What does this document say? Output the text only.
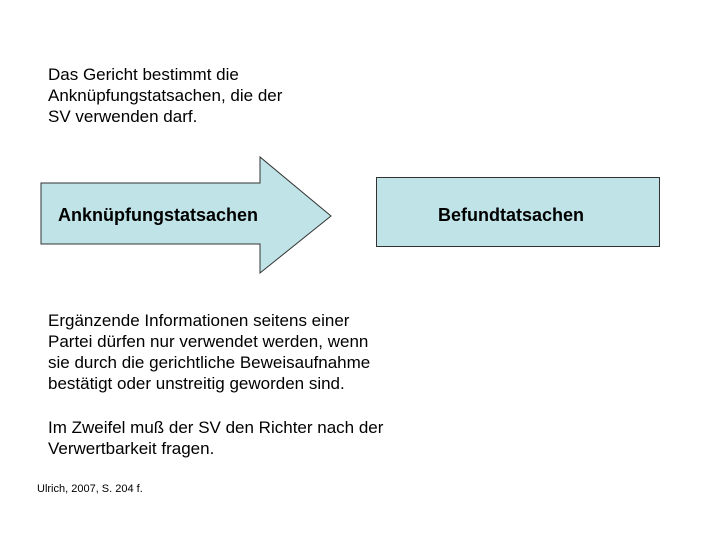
Das Gericht bestimmt die
Anknüpfungstatsachen, die der
SV verwenden darf.
Anknüpfungstatsachen	Befundtatsachen
Ergänzende Informationen seitens einer
Partei dürfen nur verwendet werden, wenn
sie durch die gerichtliche Beweisaufnahme
bestätigt oder unstreitig geworden sind.
Im Zweifel muß der SV den Richter nach der
Verwertbarkeit fragen.
Ulrich, 2007, S. 204 f.
